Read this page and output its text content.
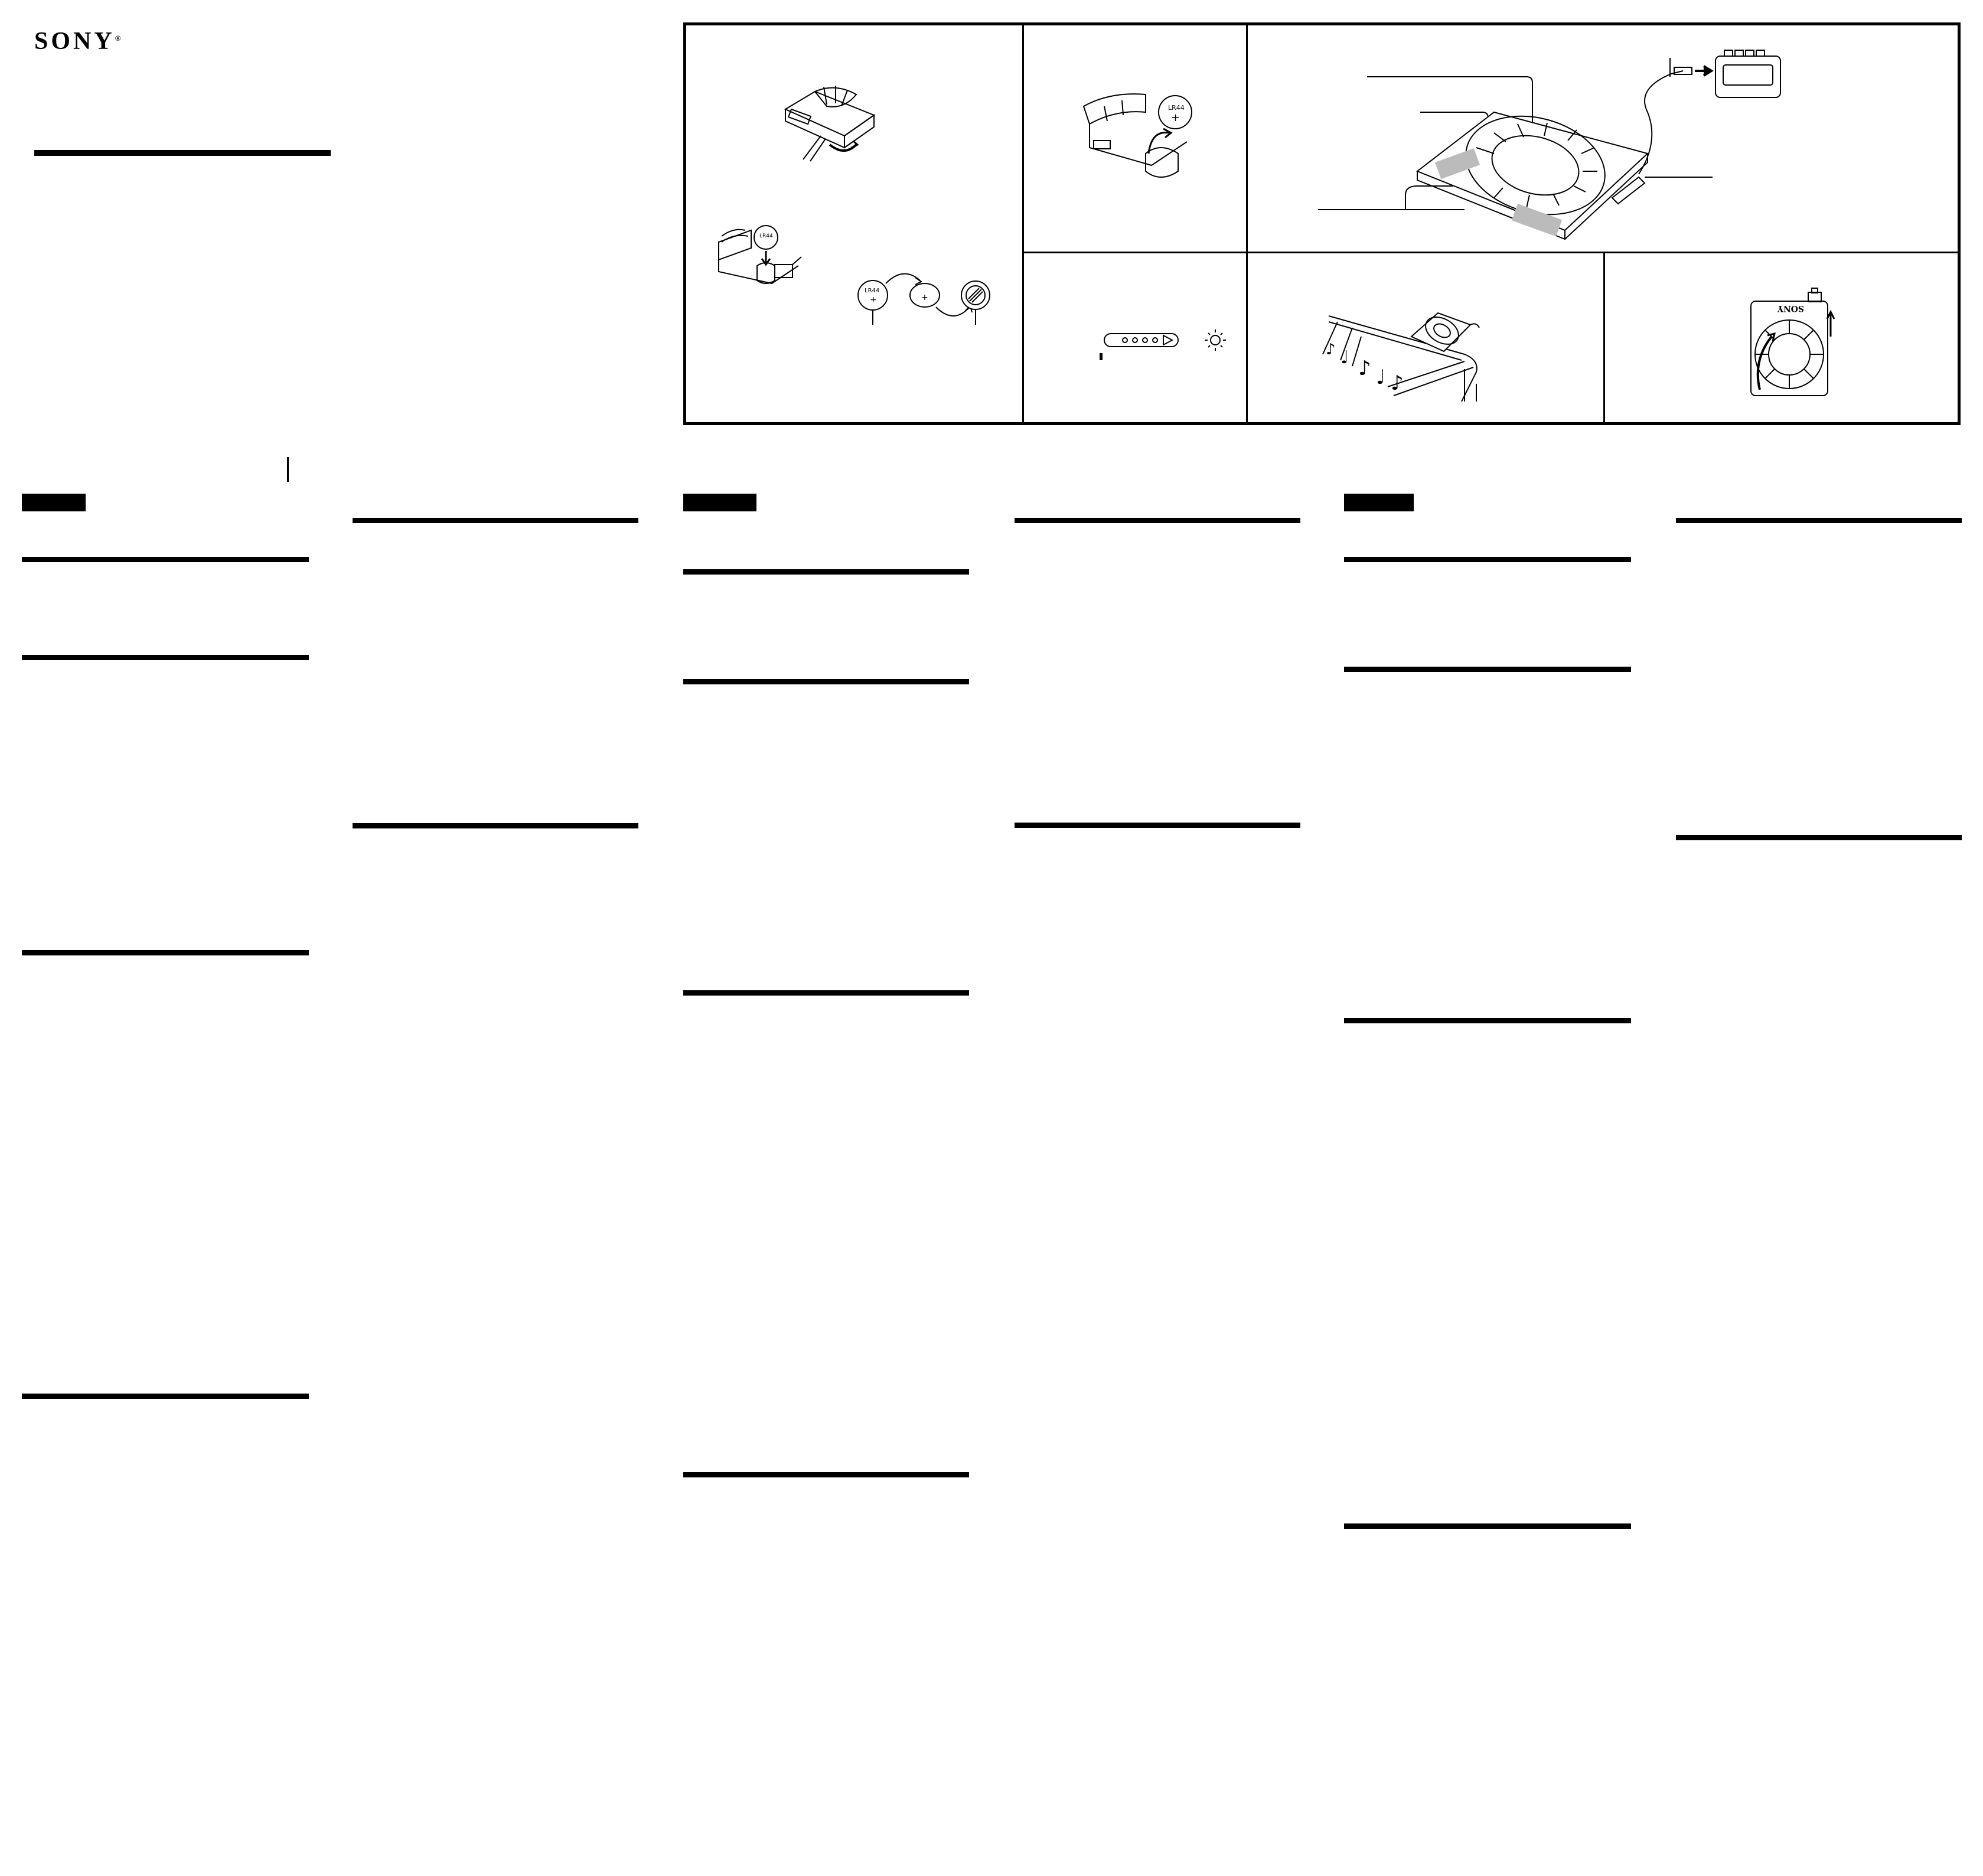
SONY®
LR44
LR44
+	+
LR44
+
♪ ♩ ♪
♩
♪
SONY
